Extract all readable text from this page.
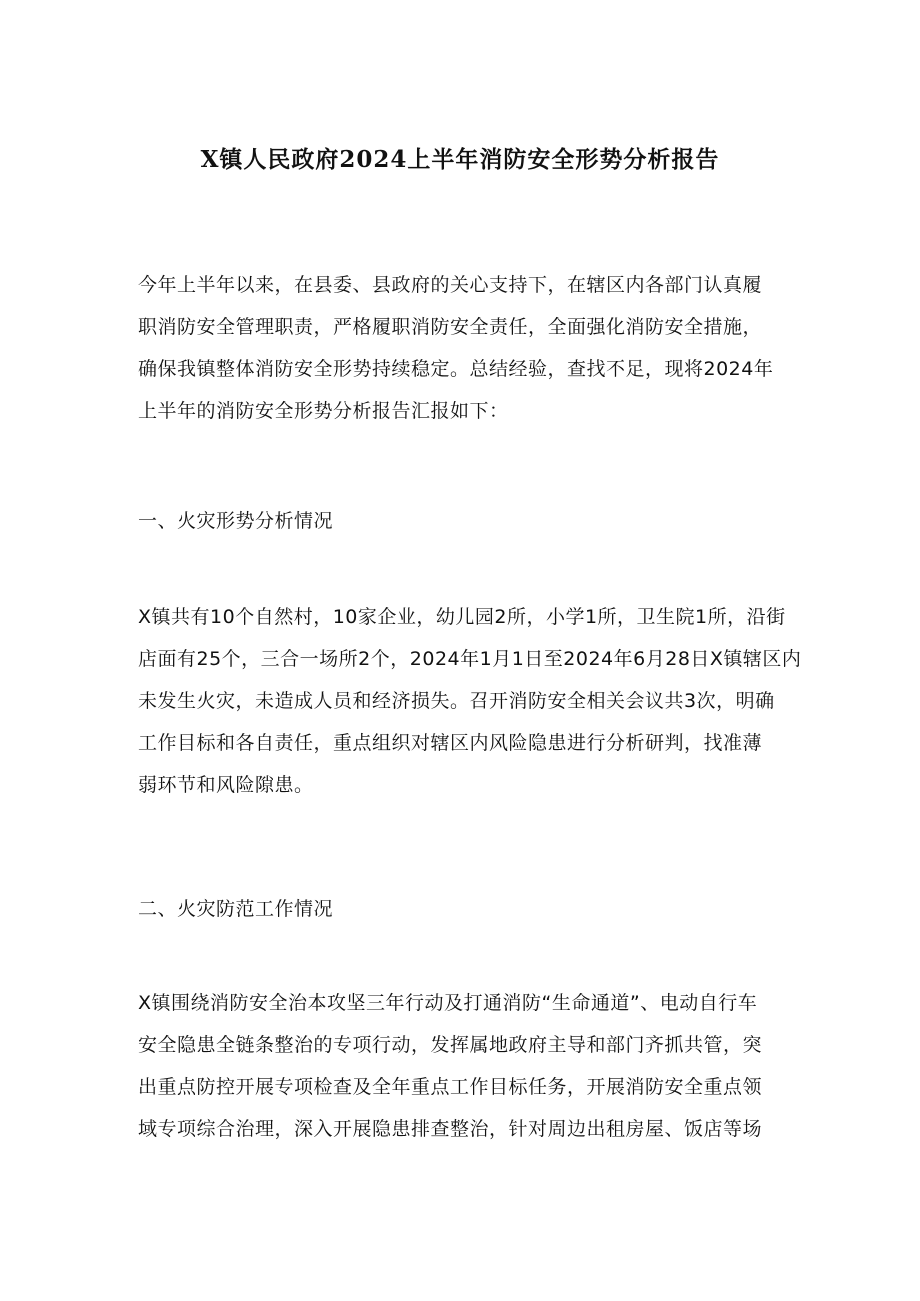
X镇人民政府2024上半年消防安全形势分析报告

今年上半年以来，在县委、县政府的关心支持下，在辖区内各部门认真履
职消防安全管理职责，严格履职消防安全责任，全面强化消防安全措施，
确保我镇整体消防安全形势持续稳定。总结经验，查找不足，现将2024年
上半年的消防安全形势分析报告汇报如下：

一、火灾形势分析情况

X镇共有10个自然村，10家企业，幼儿园2所，小学1所，卫生院1所，沿街
店面有25个，三合一场所2个，2024年1月1日至2024年6月28日X镇辖区内
未发生火灾，未造成人员和经济损失。召开消防安全相关会议共3次，明确
工作目标和各自责任，重点组织对辖区内风险隐患进行分析研判，找准薄
弱环节和风险隙患。

二、火灾防范工作情况

X镇围绕消防安全治本攻坚三年行动及打通消防“生命通道”、电动自行车
安全隐患全链条整治的专项行动，发挥属地政府主导和部门齐抓共管，突
出重点防控开展专项检查及全年重点工作目标任务，开展消防安全重点领
域专项综合治理，深入开展隐患排查整治，针对周边出租房屋、饭店等场
